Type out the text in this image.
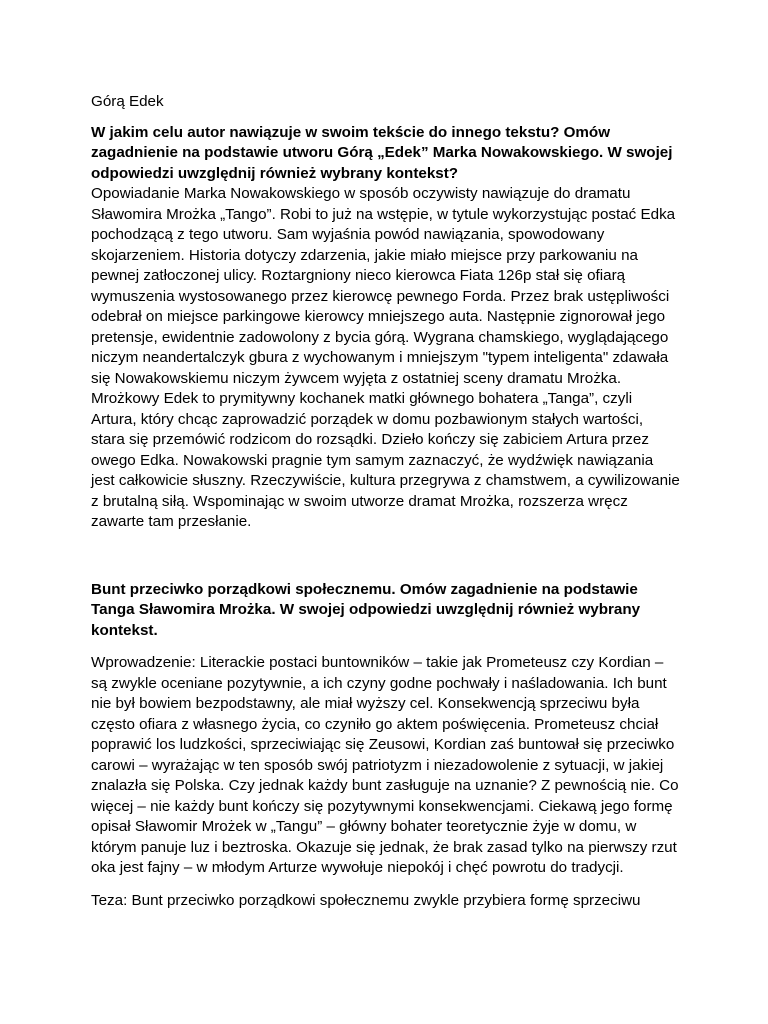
Górą Edek

W jakim celu autor nawiązuje w swoim tekście do innego tekstu? Omów zagadnienie na podstawie utworu Górą „Edek” Marka Nowakowskiego. W swojej odpowiedzi uwzględnij również wybrany kontekst?

Opowiadanie Marka Nowakowskiego w sposób oczywisty nawiązuje do dramatu Sławomira Mrożka „Tango”. Robi to już na wstępie, w tytule wykorzystując postać Edka pochodzącą z tego utworu. Sam wyjaśnia powód nawiązania, spowodowany skojarzeniem. Historia dotyczy zdarzenia, jakie miało miejsce przy parkowaniu na pewnej zatłoczonej ulicy. Roztargniony nieco kierowca Fiata 126p stał się ofiarą wymuszenia wystosowanego przez kierowcę pewnego Forda. Przez brak ustępliwości odebrał on miejsce parkingowe kierowcy mniejszego auta. Następnie zignorował jego pretensje, ewidentnie zadowolony z bycia górą. Wygrana chamskiego, wyglądającego niczym neandertalczyk gbura z wychowanym i mniejszym "typem inteligenta" zdawała się Nowakowskiemu niczym żywcem wyjęta z ostatniej sceny dramatu Mrożka. Mrożkowy Edek to prymitywny kochanek matki głównego bohatera „Tanga”, czyli Artura, który chcąc zaprowadzić porządek w domu pozbawionym stałych wartości, stara się przemówić rodzicom do rozsądki. Dzieło kończy się zabiciem Artura przez owego Edka. Nowakowski pragnie tym samym zaznaczyć, że wydźwięk nawiązania jest całkowicie słuszny. Rzeczywiście, kultura przegrywa z chamstwem, a cywilizowanie z brutalną siłą. Wspominając w swoim utworze dramat Mrożka, rozszerza wręcz zawarte tam przesłanie.

Bunt przeciwko porządkowi społecznemu. Omów zagadnienie na podstawie Tanga Sławomira Mrożka. W swojej odpowiedzi uwzględnij również wybrany kontekst.

Wprowadzenie: Literackie postaci buntowników – takie jak Prometeusz czy Kordian – są zwykle oceniane pozytywnie, a ich czyny godne pochwały i naśladowania. Ich bunt nie był bowiem bezpodstawny, ale miał wyższy cel. Konsekwencją sprzeciwu była często ofiara z własnego życia, co czyniło go aktem poświęcenia. Prometeusz chciał poprawić los ludzkości, sprzeciwiając się Zeusowi, Kordian zaś buntował się przeciwko carowi – wyrażając w ten sposób swój patriotyzm i niezadowolenie z sytuacji, w jakiej znalazła się Polska. Czy jednak każdy bunt zasługuje na uznanie? Z pewnością nie. Co więcej – nie każdy bunt kończy się pozytywnymi konsekwencjami. Ciekawą jego formę opisał Sławomir Mrożek w „Tangu” – główny bohater teoretycznie żyje w domu, w którym panuje luz i beztroska. Okazuje się jednak, że brak zasad tylko na pierwszy rzut oka jest fajny – w młodym Arturze wywołuje niepokój i chęć powrotu do tradycji.

Teza: Bunt przeciwko porządkowi społecznemu zwykle przybiera formę sprzeciwu
